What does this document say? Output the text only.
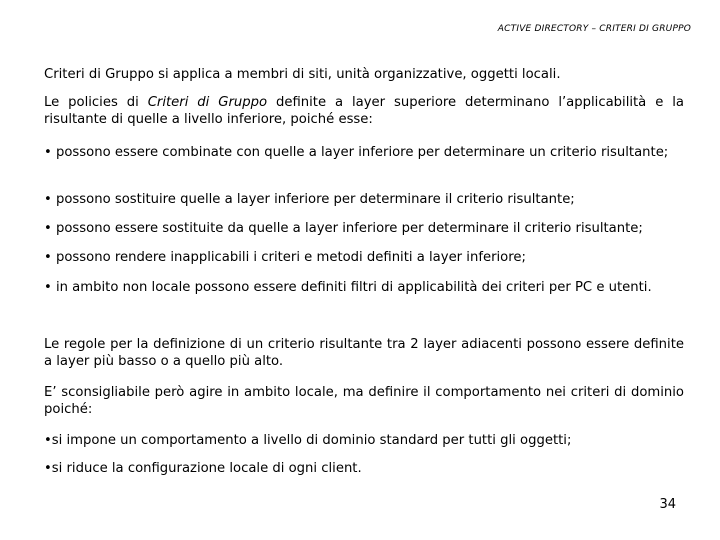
ACTIVE DIRECTORY – CRITERI DI GRUPPO
Criteri di Gruppo si applica a membri di siti, unità organizzative, oggetti locali.
Le policies di Criteri di Gruppo definite a layer superiore determinano l’applicabilità e la risultante di quelle a livello inferiore, poiché esse:
• possono essere combinate con quelle a layer inferiore per determinare un criterio risultante;
• possono sostituire quelle a layer inferiore per determinare il criterio risultante;
• possono essere sostituite da quelle a layer inferiore per determinare il criterio risultante;
• possono rendere inapplicabili i criteri e metodi definiti a layer inferiore;
• in ambito non locale possono essere definiti filtri di applicabilità dei criteri per PC e utenti.
Le regole per la definizione di un criterio risultante tra 2 layer adiacenti possono essere definite a layer più basso o a quello più alto.
E’ sconsigliabile però agire in ambito locale, ma definire il comportamento nei criteri di dominio poiché:
•si impone un comportamento a livello di dominio standard per tutti gli oggetti;
•si riduce la configurazione locale di ogni client.
34
